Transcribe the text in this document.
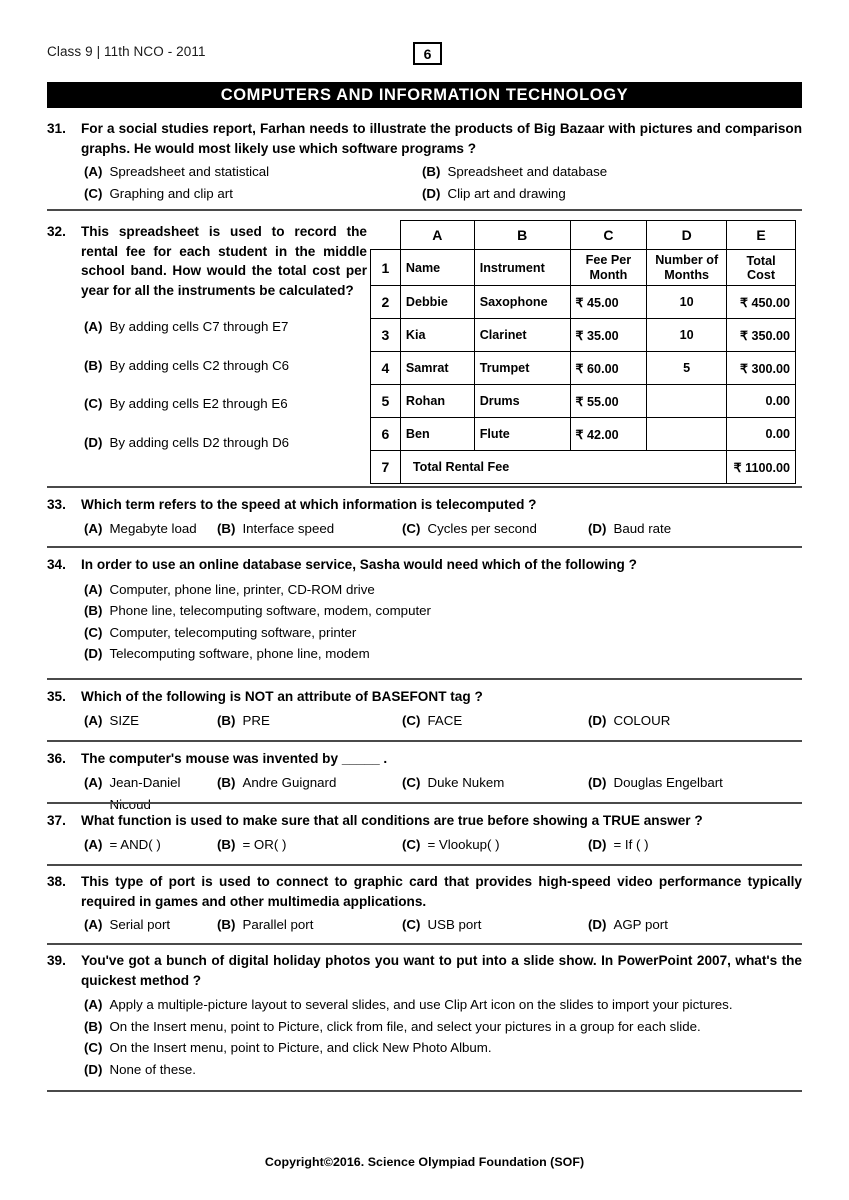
Class 9 | 11th NCO - 2011	6
COMPUTERS AND INFORMATION TECHNOLOGY
31.	For a social studies report, Farhan needs to illustrate the products of Big Bazaar with pictures and comparison graphs. He would most likely use which software programs ?
(A) Spreadsheet and statistical	(B) Spreadsheet and database
(C) Graphing and clip art	(D) Clip art and drawing
32.	This spreadsheet is used to record the rental fee for each student in the middle school band. How would the total cost per year for all the instruments be calculated?
(A) By adding cells C7 through E7
(B) By adding cells C2 through C6
(C) By adding cells E2 through E6
(D) By adding cells D2 through D6
	A	B	C	D	E
1	Name	Instrument	Fee Per Month	Number of Months	Total Cost
2	Debbie	Saxophone	₹ 45.00	10	₹ 450.00
3	Kia	Clarinet	₹ 35.00	10	₹ 350.00
4	Samrat	Trumpet	₹ 60.00	5	₹ 300.00
5	Rohan	Drums	₹ 55.00		0.00
6	Ben	Flute	₹ 42.00		0.00
7	Total Rental Fee				₹ 1100.00
33.	Which term refers to the speed at which information is telecomputed ?
(A) Megabyte load (B) Interface speed	(C) Cycles per second	(D) Baud rate
34.	In order to use an online database service, Sasha would need which of the following ?
(A) Computer, phone line, printer, CD-ROM drive
(B) Phone line, telecomputing software, modem, computer
(C) Computer, telecomputing software, printer
(D) Telecomputing software, phone line, modem
35.	Which of the following is NOT an attribute of BASEFONT tag ?
(A) SIZE	(B) PRE	(C) FACE	(D) COLOUR
36.	The computer's mouse was invented by _____ .
(A) Jean-Daniel Nicoud
(B) Andre Guignard	(C) Duke Nukem	(D) Douglas Engelbart
37.	What function is used to make sure that all conditions are true before showing a TRUE answer ?
(A) = AND( )	(B) = OR( )	(C) = Vlookup( )	(D) = If ( )
38.	This type of port is used to connect to graphic card that provides high-speed video performance typically required in games and other multimedia applications.
(A) Serial port	(B) Parallel port	(C) USB port	(D) AGP port
39.	You've got a bunch of digital holiday photos you want to put into a slide show. In PowerPoint 2007, what's the quickest method ?
(A) Apply a multiple-picture layout to several slides, and use Clip Art icon on the slides to import your pictures.
(B) On the Insert menu, point to Picture, click from file, and select your pictures in a group for each slide.
(C) On the Insert menu, point to Picture, and click New Photo Album.
(D) None of these.
Copyright©2016. Science Olympiad Foundation (SOF)
